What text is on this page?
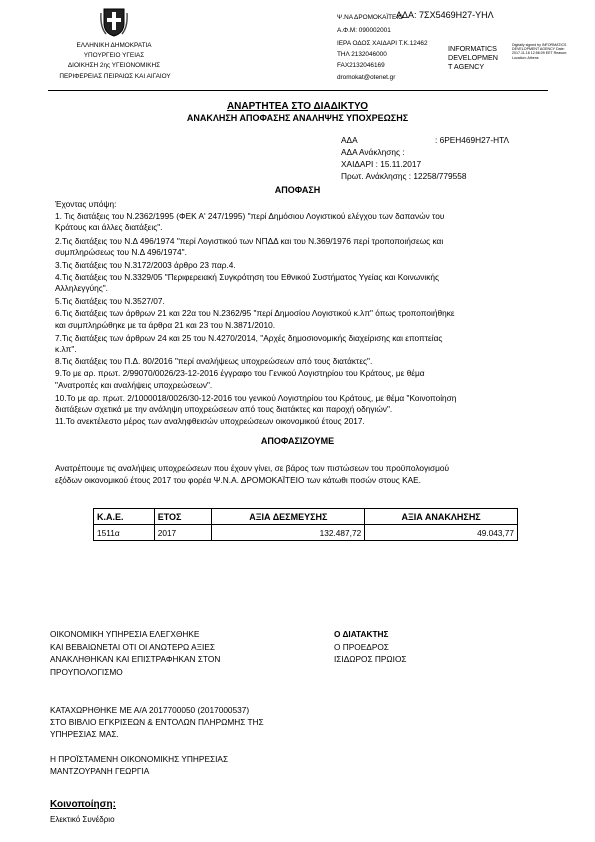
ΕΛΛΗΝΙΚΗ ΔΗΜΟΚΡΑΤΙΑ
ΥΠΟΥΡΓΕΙΟ ΥΓΕΙΑΣ
ΔΙΟΙΚΗΣΗ 2ης ΥΓΕΙΟΝΟΜΙΚΗΣ
ΠΕΡΙΦΕΡΕΙΑΣ ΠΕΙΡΑΙΩΣ ΚΑΙ ΑΙΓΑΙΟΥ
Ψ.ΝΑ ΔΡΟΜΟΚΑΪΤΕΙΟ
ΑΔΑ: 7ΣΧ5469Η27-ΥΗΛ
Α.Φ.Μ: 090002001
ΙΕΡΑ ΟΔΟΣ ΧΑΙΔΑΡΙ Τ.Κ.12462
ΤΗΛ 2132046000
FAX2132046169
dromokat@otenet.gr
INFORMATICS
DEVELOPMEN
T AGENCY
Digitally signed by INFORMATICS DEVELOPMENT AGENCY Date: 2017.11.16 12:56:09 EET Reason: Location: Athens
ΑΝΑΡΤΗΤΕΑ ΣΤΟ ΔΙΑΔΙΚΤΥΟ
ΑΝΑΚΛΗΣΗ ΑΠΟΦΑΣΗΣ ΑΝΑΛΗΨΗΣ ΥΠΟΧΡΕΩΣΗΣ
ΑΔΑ	: 6ΡΕΗ469Η27-ΗΤΛ
ΑΔΑ Ανάκλησης :
ΧΑΙΔΑΡΙ : 15.11.2017
Πρωτ. Ανάκλησης : 12258/779558
ΑΠΟΦΑΣΗ
Έχοντας υπόψη:
1. Τις διατάξεις του Ν.2362/1995 (ΦΕΚ Α' 247/1995) "περί Δημόσιου Λογιστικού ελέγχου των δαπανών του
Κράτους και άλλες διατάξεις".
2.Τις διατάξεις του Ν.Δ 496/1974 "περί Λογιστικού των ΝΠΔΔ και του Ν.369/1976 περί τροποποιήσεως και
συμπληρώσεως του Ν.Δ 496/1974".
3.Τις διατάξεις του Ν.3172/2003 άρθρο 23 παρ.4.
4.Τις διατάξεις του Ν.3329/05 "Περιφερειακή Συγκρότηση του Εθνικού Συστήματος Υγείας και Κοινωνικής
Αλληλεγγύης".
5.Τις διατάξεις του Ν.3527/07.
6.Τις διατάξεις των άρθρων 21 και 22α του Ν.2362/95 "περί Δημοσίου Λογιστικού κ.λπ" όπως τροποποιήθηκε
και συμπληρώθηκε με τα άρθρα 21 και 23 του Ν.3871/2010.
7.Τις διατάξεις των άρθρων 24 και 25 του Ν.4270/2014, "Αρχές δημοσιονομικής διαχείρισης και εποπτείας
κ.λπ".
8.Τις διατάξεις του Π.Δ. 80/2016 "περί αναλήψεως υποχρεώσεων από τους διατάκτες".
9.Το με αρ. πρωτ. 2/99070/0026/23-12-2016 έγγραφο του Γενικού Λογιστηρίου του Κράτους, με θέμα
"Ανατροπές και αναλήψεις υποχρεώσεων".
10.Το με αρ. πρωτ. 2/1000018/0026/30-12-2016 του γενικού Λογιστηρίου του Κράτους, με θέμα "Κοινοποίηση
διατάξεων σχετικά με την ανάληψη υποχρεώσεων από τους διατάκτες και παροχή οδηγιών".
11.Το ανεκτέλεστο μέρος των αναληφθεισών υποχρεώσεων οικονομικού έτους 2017.
ΑΠΟΦΑΣΙΖΟΥΜΕ
Ανατρέπουμε τις αναλήψεις υποχρεώσεων που έχουν γίνει, σε βάρος των πιστώσεων του προϋπολογισμού
εξόδων οικονομικού έτους 2017 του φορέα Ψ.Ν.Α. ΔΡΟΜΟΚΑΪΤΕΙΟ των κάτωθι ποσών στους ΚΑΕ.
Κ.Α.Ε.	ΕΤΟΣ	ΑΞΙΑ ΔΕΣΜΕΥΣΗΣ	ΑΞΙΑ ΑΝΑΚΛΗΣΗΣ
1511α	2017	132.487,72	49.043,77
ΟΙΚΟΝΟΜΙΚΗ ΥΠΗΡΕΣΙΑ ΕΛΕΓΧΘΗΚΕ
ΚΑΙ ΒΕΒΑΙΩΝΕΤΑΙ ΟΤΙ ΟΙ ΑΝΩΤΕΡΩ ΑΞΙΕΣ
ΑΝΑΚΛΗΘΗΚΑΝ ΚΑΙ ΕΠΙΣΤΡΑΦΗΚΑΝ ΣΤΟΝ
ΠΡΟΥΠΟΛΟΓΙΣΜΟ
Ο ΔΙΑΤΑΚΤΗΣ
Ο ΠΡΟΕΔΡΟΣ
ΙΣΙΔΩΡΟΣ ΠΡΩΙΟΣ
ΚΑΤΑΧΩΡΗΘΗΚΕ ΜΕ Α/Α 2017700050 (2017000537)
ΣΤΟ ΒΙΒΛΙΟ ΕΓΚΡΙΣΕΩΝ & ΕΝΤΟΛΩΝ ΠΛΗΡΩΜΗΣ ΤΗΣ
ΥΠΗΡΕΣΙΑΣ ΜΑΣ.
Η ΠΡΟΪΣΤΑΜΕΝΗ ΟΙΚΟΝΟΜΙΚΗΣ ΥΠΗΡΕΣΙΑΣ
ΜΑΝΤΖΟΥΡΑΝΗ ΓΕΩΡΓΙΑ
Κοινοποίηση:
Ελεκτικό Συνέδριο
